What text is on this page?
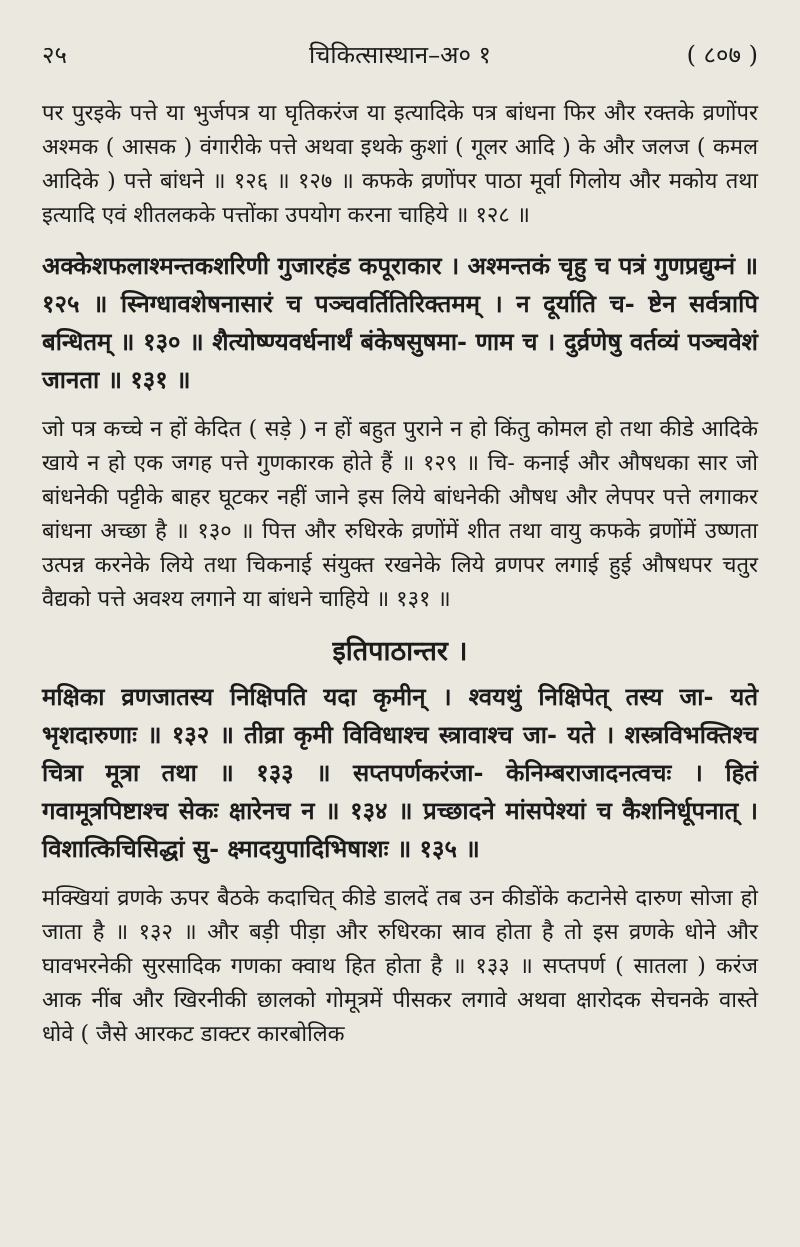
२५	चिकित्सास्थान–अ० १	( ८०७ )
पर पुरइके पत्ते या भुर्जपत्र या घृतिकरंज या इत्यादिके पत्र बांधना फिर और रक्तके व्रणोंपर अश्मक ( आसक ) वंगारीके पत्ते अथवा इथके कुशां ( गूलर आदि ) के और जलज ( कमल आदिके ) पत्ते बांधने ॥ १२६ ॥ १२७ ॥ कफके व्रणोंपर पाठा मूर्वा गिलोय और मकोय तथा इत्यादि एवं शीतलकके पत्तोंका उपयोग करना चाहिये ॥ १२८ ॥
अक्केशफलाश्मन्तकशरिणी गुजारहंड कपूराकार । अश्मन्तकं चृहु च पत्रं गुणप्रद्युम्नं ॥ १२५ ॥ स्निग्धावशेषनासारं च पञ्चवर्तितिरिक्तमम् । न दूर्याति च- ष्टेन सर्वत्रापि बन्धितम् ॥ १३० ॥ शैत्योष्ण्यवर्धनार्थं बंकेषसुषमा- णाम च । दुर्व्रणेषु वर्तव्यं पञ्चवेशं जानता ॥ १३१ ॥
जो पत्र कच्चे न हों केदित ( सड़े ) न हों बहुत पुराने न हो किंतु कोमल हो तथा कीडे आदिके खाये न हो एक जगह पत्ते गुणकारक होते हैं ॥ १२९ ॥ चि- कनाई और औषधका सार जो बांधनेकी पट्टीके बाहर घूटकर नहीं जाने इस लिये बांधनेकी औषध और लेपपर पत्ते लगाकर बांधना अच्छा है ॥ १३० ॥ पित्त और रुधिरके व्रणोंमें शीत तथा वायु कफके व्रणोंमें उष्णता उत्पन्न करनेके लिये तथा चिकनाई संयुक्त रखनेके लिये व्रणपर लगाई हुई औषधपर चतुर वैद्यको पत्ते अवश्य लगाने या बांधने चाहिये ॥ १३१ ॥
इतिपाठान्तर ।
मक्षिका व्रणजातस्य निक्षिपति यदा कृमीन् । श्वयथुं निक्षिपेत् तस्य जा- यते भृशदारुणाः ॥ १३२ ॥ तीव्रा कृमी विविधाश्च स्त्रावाश्च जा- यते । शस्त्रविभक्तिश्च चित्रा मूत्रा तथा ॥ १३३ ॥ सप्तपर्णकरंजा- केनिम्बराजादनत्वचः । हितं गवामूत्रपिष्टाश्च सेकः क्षारेनच न ॥ १३४ ॥ प्रच्छादने मांसपेश्यां च कैशनिर्धूपनात् । विशात्किचिसिद्धां सु- क्ष्मादयुपादिभिषाशः ॥ १३५ ॥
मक्खियां व्रणके ऊपर बैठके कदाचित् कीडे डालदें तब उन कीडोंके कटानेसे दारुण सोजा हो जाता है ॥ १३२ ॥ और बड़ी पीड़ा और रुधिरका स्राव होता है तो इस व्रणके धोने और घावभरनेकी सुरसादिक गणका क्वाथ हित होता है ॥ १३३ ॥ सप्तपर्ण ( सातला ) करंज आक नींब और खिरनीकी छालको गोमूत्रमें पीसकर लगावे अथवा क्षारोदक सेचनके वास्ते धोवे ( जैसे आरकट डाक्टर कारबोलिक
